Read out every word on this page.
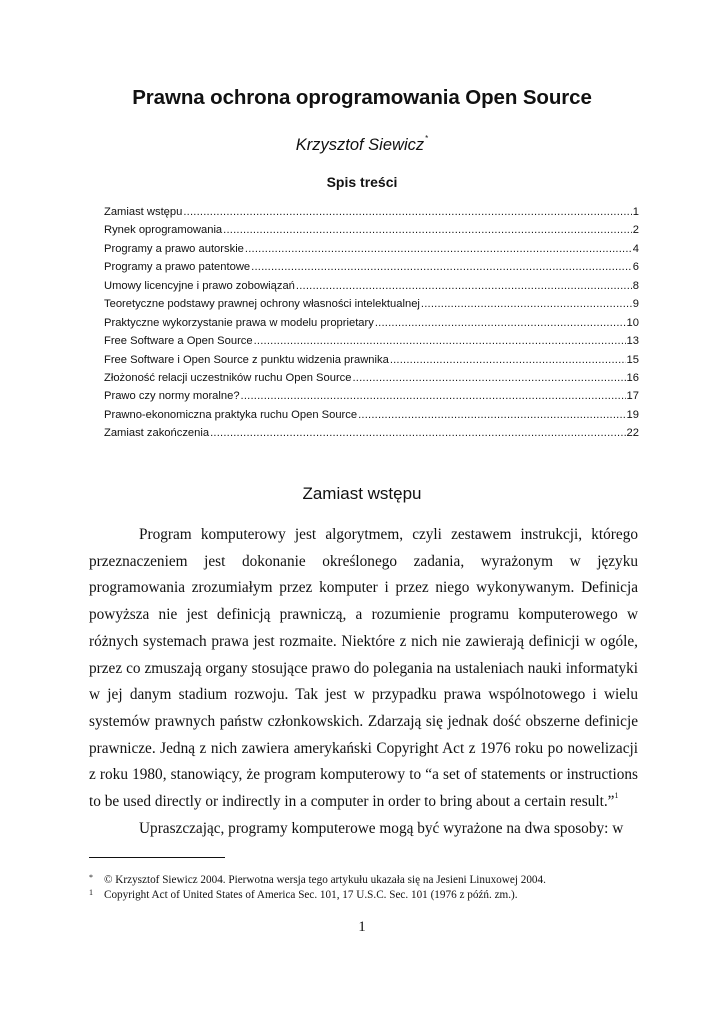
Prawna ochrona oprogramowania Open Source
Krzysztof Siewicz*
Spis treści
Zamiast wstępu .....	1
Rynek oprogramowania .....	2
Programy a prawo autorskie .....	4
Programy a prawo patentowe .....	6
Umowy licencyjne i prawo zobowiązań .....	8
Teoretyczne podstawy prawnej ochrony własności intelektualnej .....	9
Praktyczne wykorzystanie prawa w modelu proprietary .....	10
Free Software a Open Source .....	13
Free Software i Open Source z punktu widzenia prawnika .....	15
Złożoność relacji uczestników ruchu Open Source .....	16
Prawo czy normy moralne? .....	17
Prawno-ekonomiczna praktyka ruchu Open Source .....	19
Zamiast zakończenia .....	22
Zamiast wstępu

Program komputerowy jest algorytmem, czyli zestawem instrukcji, którego przeznaczeniem jest dokonanie określonego zadania, wyrażonym w języku programowania zrozumiałym przez komputer i przez niego wykonywanym. Definicja powyższa nie jest definicją prawniczą, a rozumienie programu komputerowego w różnych systemach prawa jest rozmaite. Niektóre z nich nie zawierają definicji w ogóle, przez co zmuszają organy stosujące prawo do polegania na ustaleniach nauki informatyki w jej danym stadium rozwoju. Tak jest w przypadku prawa wspólnotowego i wielu systemów prawnych państw członkowskich. Zdarzają się jednak dość obszerne definicje prawnicze. Jedną z nich zawiera amerykański Copyright Act z 1976 roku po nowelizacji z roku 1980, stanowiący, że program komputerowy to “a set of statements or instructions to be used directly or indirectly in a computer in order to bring about a certain result.”$^1$

Upraszczając, programy komputerowe mogą być wyrażone na dwa sposoby: w

* © Krzysztof Siewicz 2004. Pierwotna wersja tego artykułu ukazała się na Jesieni Linuxowej 2004.
1 Copyright Act of United States of America Sec. 101, 17 U.S.C. Sec. 101 (1976 z późń. zm.).
1
